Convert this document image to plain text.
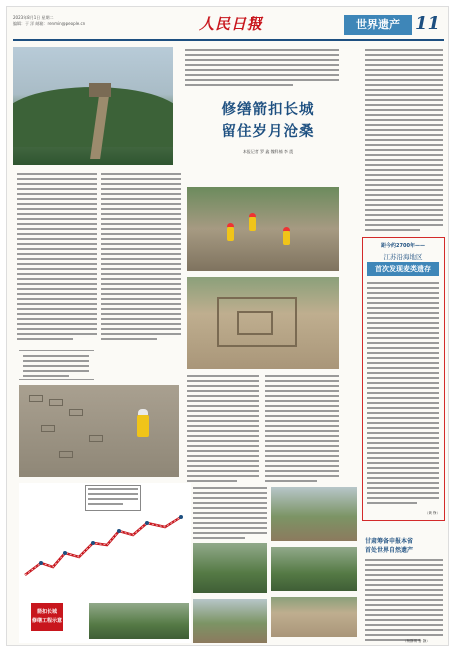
2023年8月1日 星期二
编辑：于 洋 邮箱：renmin@people.cn	人民日报	世界遗产 11
修缮箭扣长城
留住岁月沧桑
本报记者 罗 鑫 魏科楠 李 震
距今约2700年——
江苏沿海地区
首次发现麦类遗存
（黄 铮）
甘肃筹备申报本省
首处世界自然遗产
（杨斯琪 鲁 静）
箭扣长城
修缮工程示意
